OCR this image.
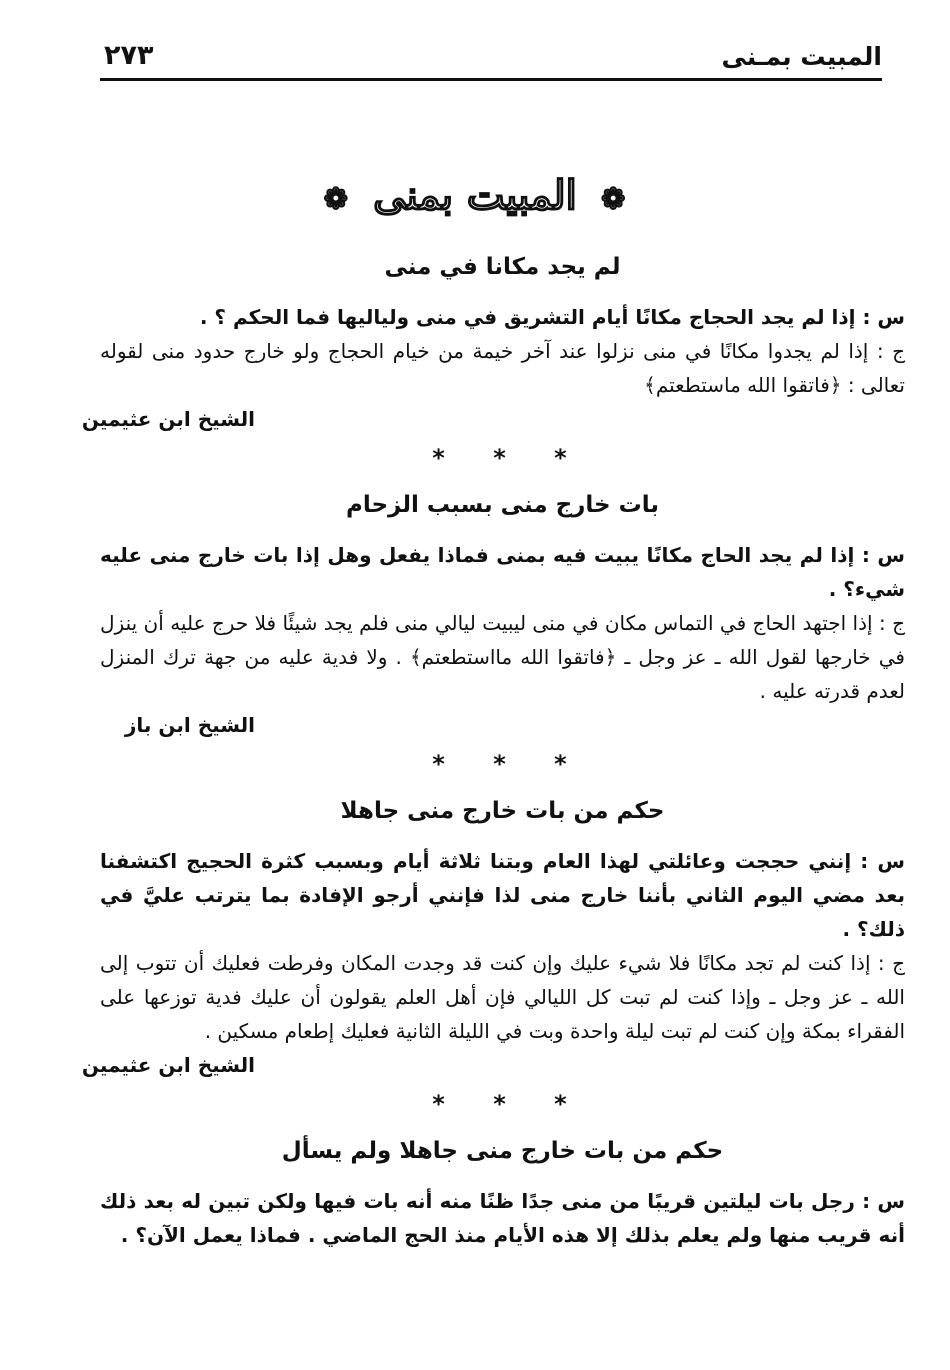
المبيت بمـنى
٢٧٣
❁ المبيت بمنى ❁
لم يجد مكانا في منى

س : إذا لم يجد الحجاج مكانًا أيام التشريق في منى ولياليها فما الحكم ؟ .

ج : إذا لم يجدوا مكانًا في منى نزلوا عند آخر خيمة من خيام الحجاج ولو خارج حدود منى لقوله تعالى : ﴿فاتقوا الله ماستطعتم﴾

الشيخ ابن عثيمين
* * *
بات خارج منى بسبب الزحام

س : إذا لم يجد الحاج مكانًا يبيت فيه بمنى فماذا يفعل وهل إذا بات خارج منى عليه شيء؟ .

ج : إذا اجتهد الحاج في التماس مكان في منى ليبيت ليالي منى فلم يجد شيئًا فلا حرج عليه أن ينزل في خارجها لقول الله ـ عز وجل ـ ﴿فاتقوا الله مااستطعتم﴾ . ولا فدية عليه من جهة ترك المنزل لعدم قدرته عليه .

الشيخ ابن باز
* * *
حكم من بات خارج منى جاهلا

س : إنني حججت وعائلتي لهذا العام وبتنا ثلاثة أيام وبسبب كثرة الحجيج اكتشفنا بعد مضي اليوم الثاني بأننا خارج منى لذا فإنني أرجو الإفادة بما يترتب عليَّ في ذلك؟ .

ج : إذا كنت لم تجد مكانًا فلا شيء عليك وإن كنت قد وجدت المكان وفرطت فعليك أن تتوب إلى الله ـ عز وجل ـ وإذا كنت لم تبت كل الليالي فإن أهل العلم يقولون أن عليك فدية توزعها على الفقراء بمكة وإن كنت لم تبت ليلة واحدة وبت في الليلة الثانية فعليك إطعام مسكين .

الشيخ ابن عثيمين
* * *
حكم من بات خارج منى جاهلا ولم يسأل

س : رجل بات ليلتين قريبًا من منى جدًا ظنًا منه أنه بات فيها ولكن تبين له بعد ذلك أنه قريب منها ولم يعلم بذلك إلا هذه الأيام منذ الحج الماضي . فماذا يعمل الآن؟ .
